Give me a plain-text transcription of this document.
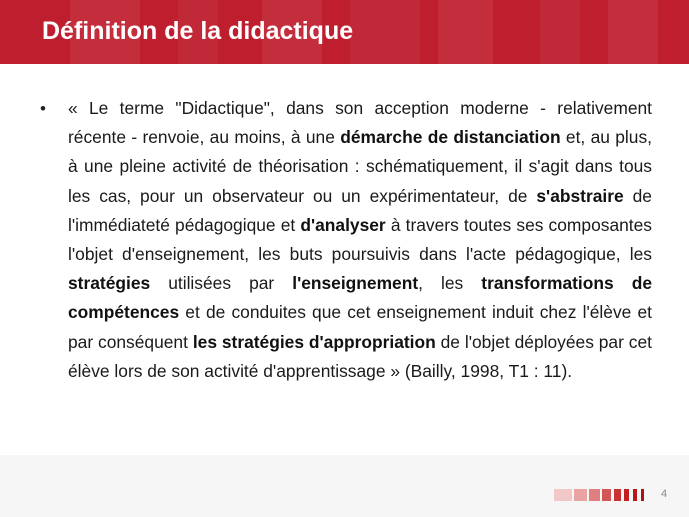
Définition de la didactique
• « Le terme "Didactique", dans son acception moderne - relativement récente - renvoie, au moins, à une démarche de distanciation et, au plus, à une pleine activité de théorisation : schématiquement, il s'agit dans tous les cas, pour un observateur ou un expérimentateur, de s'abstraire de l'immédiateté pédagogique et d'analyser à travers toutes ses composantes l'objet d'enseignement, les buts poursuivis dans l'acte pédagogique, les stratégies utilisées par l'enseignement, les transformations de compétences et de conduites que cet enseignement induit chez l'élève et par conséquent les stratégies d'appropriation de l'objet déployées par cet élève lors de son activité d'apprentissage » (Bailly, 1998, T1 : 11).

4
